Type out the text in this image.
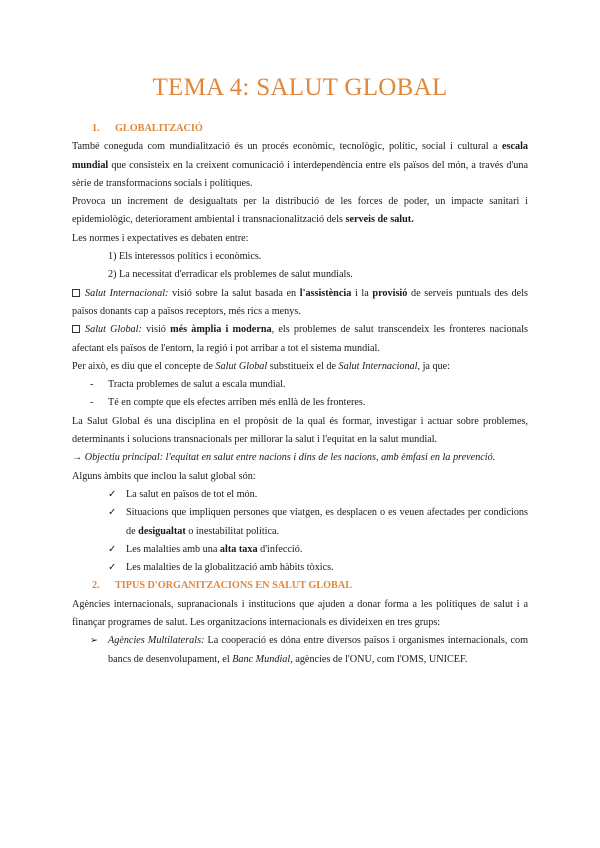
TEMA 4: SALUT GLOBAL

1. GLOBALITZACIÓ

També coneguda com mundialització és un procés econòmic, tecnològic, polític, social i cultural a escala mundial que consisteix en la creixent comunicació i interdependència entre els països del món, a través d'una sèrie de transformacions socials i polítiques.

Provoca un increment de desigualtats per la distribució de les forces de poder, un impacte sanitari i epidemiològic, deteriorament ambiental i transnacionalització dels serveis de salut.

Les normes i expectatives es debaten entre:

1) Els interessos polítics i econòmics.

2) La necessitat d'erradicar els problemes de salut mundials.

Salut Internacional: visió sobre la salut basada en l'assistència i la provisió de serveis puntuals des dels països donants cap a països receptors, més rics a menys.

Salut Global: visió més àmplia i moderna, els problemes de salut transcendeix les fronteres nacionals afectant els països de l'entorn, la regió i pot arribar a tot el sistema mundial.

Per això, es diu que el concepte de Salut Global substitueix el de Salut Internacional, ja que:

- Tracta problemes de salut a escala mundial.

- Té en compte que els efectes arriben més enllà de les fronteres.

La Salut Global és una disciplina en el propòsit de la qual és formar, investigar i actuar sobre problemes, determinants i solucions transnacionals per millorar la salut i l'equitat en la salut mundial.

→ Objectiu principal: l'equitat en salut entre nacions i dins de les nacions, amb èmfasi en la prevenció.

Alguns àmbits que inclou la salut global són:

✓ La salut en països de tot el món.

✓ Situacions que impliquen persones que viatgen, es desplacen o es veuen afectades per condicions de desigualtat o inestabilitat política.

✓ Les malalties amb una alta taxa d'infecció.

✓ Les malalties de la globalització amb hàbits tòxics.

2. TIPUS D'ORGANITZACIONS EN SALUT GLOBAL

Agències internacionals, supranacionals i institucions que ajuden a donar forma a les polítiques de salut i a finançar programes de salut. Les organitzacions internacionals es divideixen en tres grups:

➢ Agències Multilaterals: La cooperació es dóna entre diversos països i organismes internacionals, com bancs de desenvolupament, el Banc Mundial, agències de l'ONU, com l'OMS, UNICEF.
